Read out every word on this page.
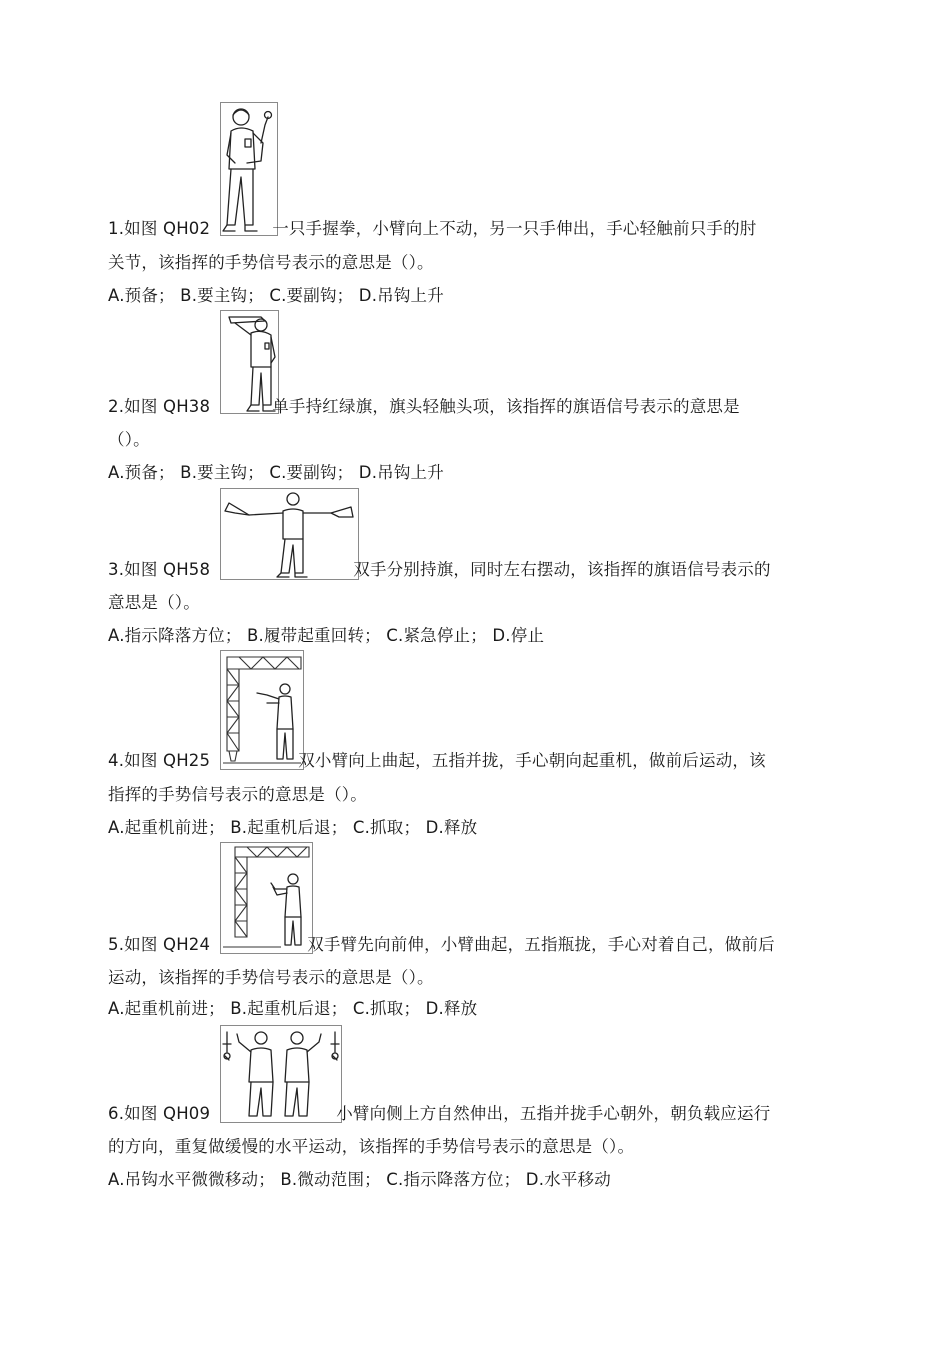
1.如图 QH02	一只手握拳，小臂向上不动，另一只手伸出，手心轻触前只手的肘
关节，该指挥的手势信号表示的意思是（）。
A.预备； B.要主钩； C.要副钩； D.吊钩上升
2.如图 QH38	单手持红绿旗，旗头轻触头项，该指挥的旗语信号表示的意思是
（）。
A.预备； B.要主钩； C.要副钩； D.吊钩上升
3.如图 QH58	双手分别持旗，同时左右摆动，该指挥的旗语信号表示的
意思是（）。
A.指示降落方位； B.履带起重回转； C.紧急停止； D.停止
4.如图 QH25	双小臂向上曲起，五指并拢，手心朝向起重机，做前后运动，该
指挥的手势信号表示的意思是（）。
A.起重机前进； B.起重机后退； C.抓取； D.释放
5.如图 QH24	双手臂先向前伸，小臂曲起，五指瓶拢，手心对着自己，做前后
运动，该指挥的手势信号表示的意思是（）。
A.起重机前进； B.起重机后退； C.抓取； D.释放
6.如图 QH09	小臂向侧上方自然伸出，五指并拢手心朝外，朝负载应运行
的方向，重复做缓慢的水平运动，该指挥的手势信号表示的意思是（）。
A.吊钩水平微微移动； B.微动范围； C.指示降落方位； D.水平移动
